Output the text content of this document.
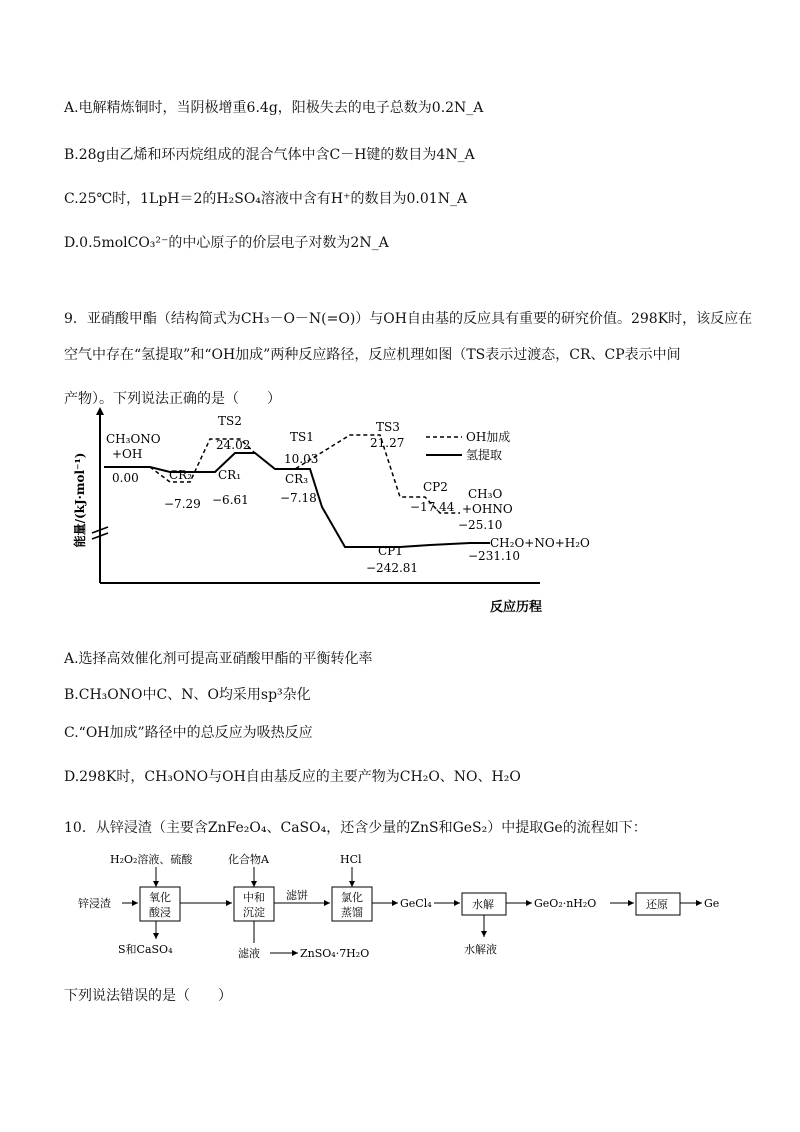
A.电解精炼铜时，当阴极增重6.4g，阳极失去的电子总数为0.2N_A
B.28g由乙烯和环丙烷组成的混合气体中含C－H键的数目为4N_A
C.25℃时，1LpH＝2的H₂SO₄溶液中含有H⁺的数目为0.01N_A
D.0.5molCO₃²⁻的中心原子的价层电子对数为2N_A
9．亚硝酸甲酯（结构简式为CH₃－O－N(=O)）与OH自由基的反应具有重要的研究价值。298K时，该反应在
空气中存在“氢提取”和“OH加成”两种反应路径，反应机理如图（TS表示过渡态，CR、CP表示中间
产物）。下列说法正确的是（　　）
能量/(kJ·mol⁻¹)
反应历程
OH加成
氢提取
CH₃ONO
+OH
0.00	CR₂
−7.29
TS2
24.02
CR₁
−6.61
TS1
10.03
CR₃
−7.18
TS3
21.27
CP2
−17.44
CH₃O
+OHNO
−25.10
CP1
−242.81
CH₂O+NO+H₂O
−231.10
A.选择高效催化剂可提高亚硝酸甲酯的平衡转化率
B.CH₃ONO中C、N、O均采用sp³杂化
C.“OH加成”路径中的总反应为吸热反应
D.298K时，CH₃ONO与OH自由基反应的主要产物为CH₂O、NO、H₂O
10．从锌浸渣（主要含ZnFe₂O₄、CaSO₄，还含少量的ZnS和GeS₂）中提取Ge的流程如下：
H₂O₂溶液、硫酸	化合物A	HCl
锌浸渣	氧化
酸浸
S和CaSO₄
中和
沉淀
滤液	ZnSO₄·7H₂O
滤饼	氯化
蒸馏
GeCl₄	水解
水解液
GeO₂·nH₂O	还原	Ge
下列说法错误的是（　　）
